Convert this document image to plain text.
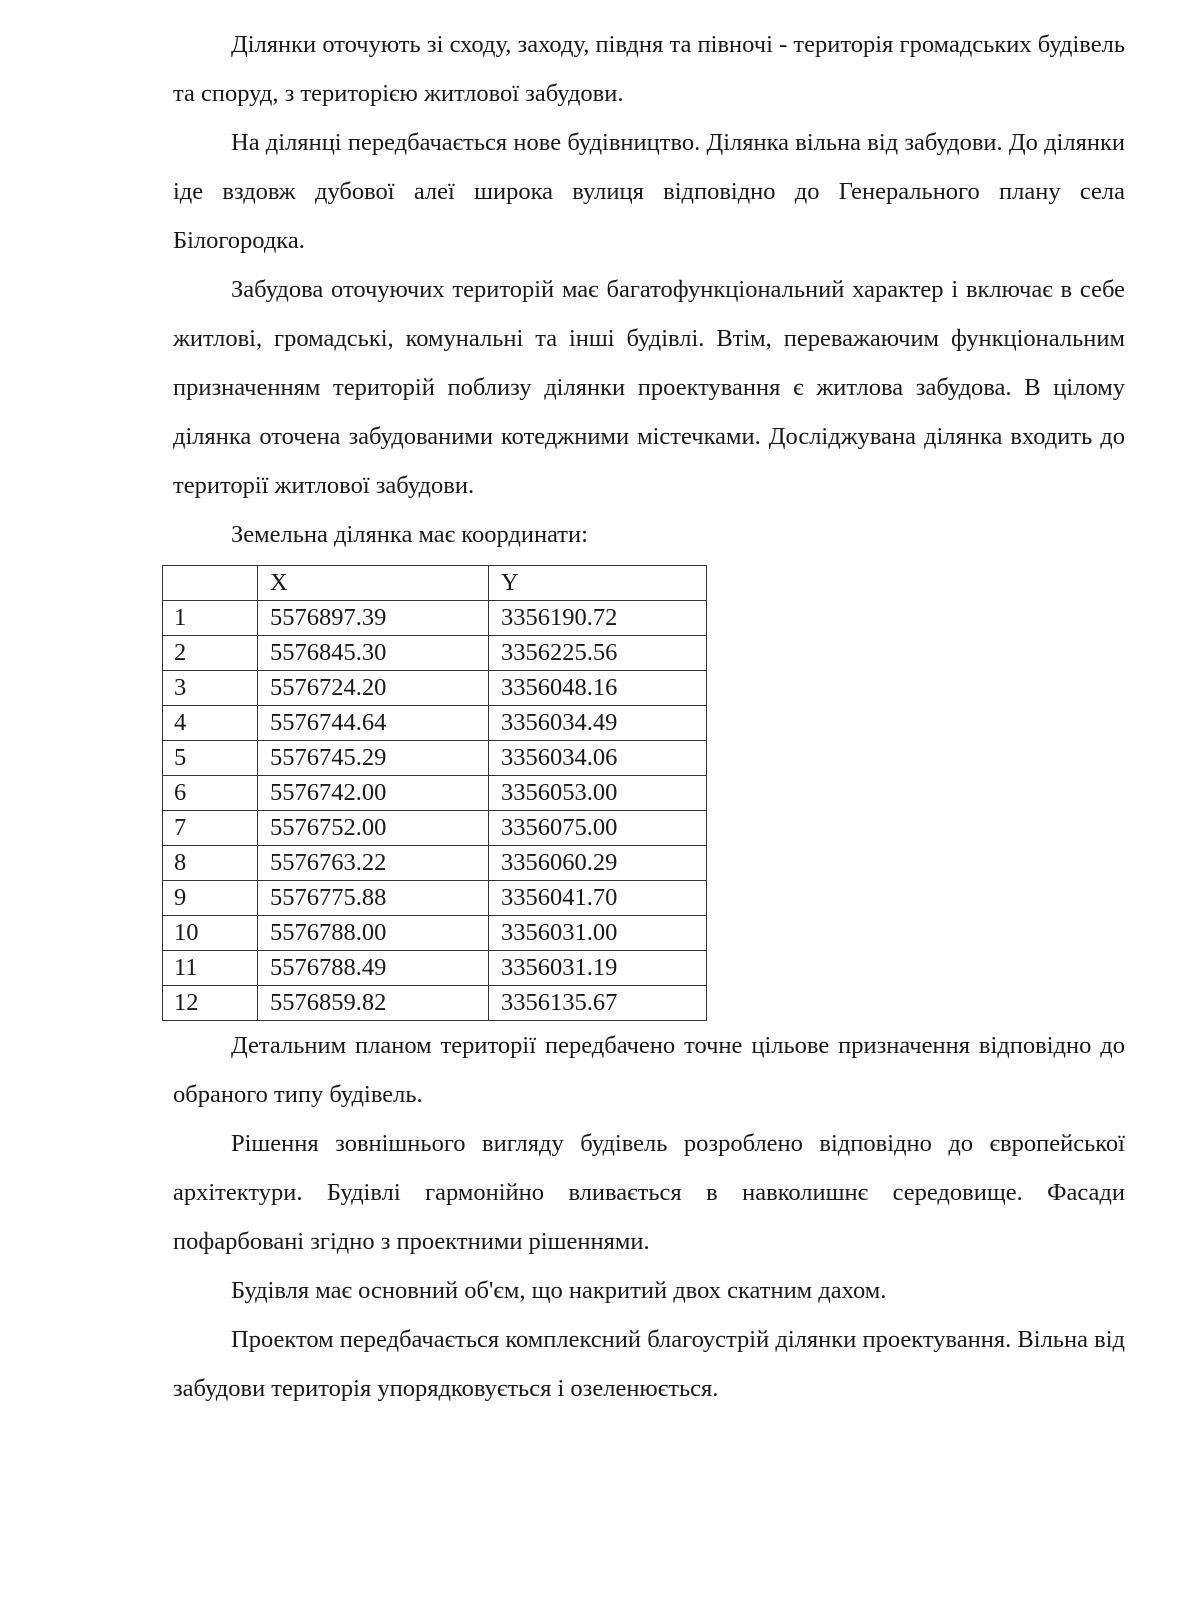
Ділянки оточують зі сходу, заходу, півдня та півночі - територія громадських будівель та споруд, з територією житлової забудови.

На ділянці передбачається нове будівництво. Ділянка вільна від забудови. До ділянки іде вздовж дубової алеї широка вулиця відповідно до Генерального плану села Білогородка.

Забудова оточуючих територій має багатофункціональний характер і включає в себе житлові, громадські, комунальні та інші будівлі. Втім, переважаючим функціональним призначенням територій поблизу ділянки проектування є житлова забудова. В цілому ділянка оточена забудованими котеджними містечками. Досліджувана ділянка входить до території житлової забудови.

Земельна ділянка має координати:

	X	Y
1	5576897.39	3356190.72
2	5576845.30	3356225.56
3	5576724.20	3356048.16
4	5576744.64	3356034.49
5	5576745.29	3356034.06
6	5576742.00	3356053.00
7	5576752.00	3356075.00
8	5576763.22	3356060.29
9	5576775.88	3356041.70
10	5576788.00	3356031.00
11	5576788.49	3356031.19
12	5576859.82	3356135.67

Детальним планом території передбачено точне цільове призначення відповідно до обраного типу будівель.

Рішення зовнішнього вигляду будівель розроблено відповідно до європейської архітектури. Будівлі гармонійно вливається в навколишнє середовище. Фасади пофарбовані згідно з проектними рішеннями.

Будівля має основний об'єм, що накритий двох скатним дахом.

Проектом передбачається комплексний благоустрій ділянки проектування. Вільна від забудови територія упорядковується і озеленюється.
